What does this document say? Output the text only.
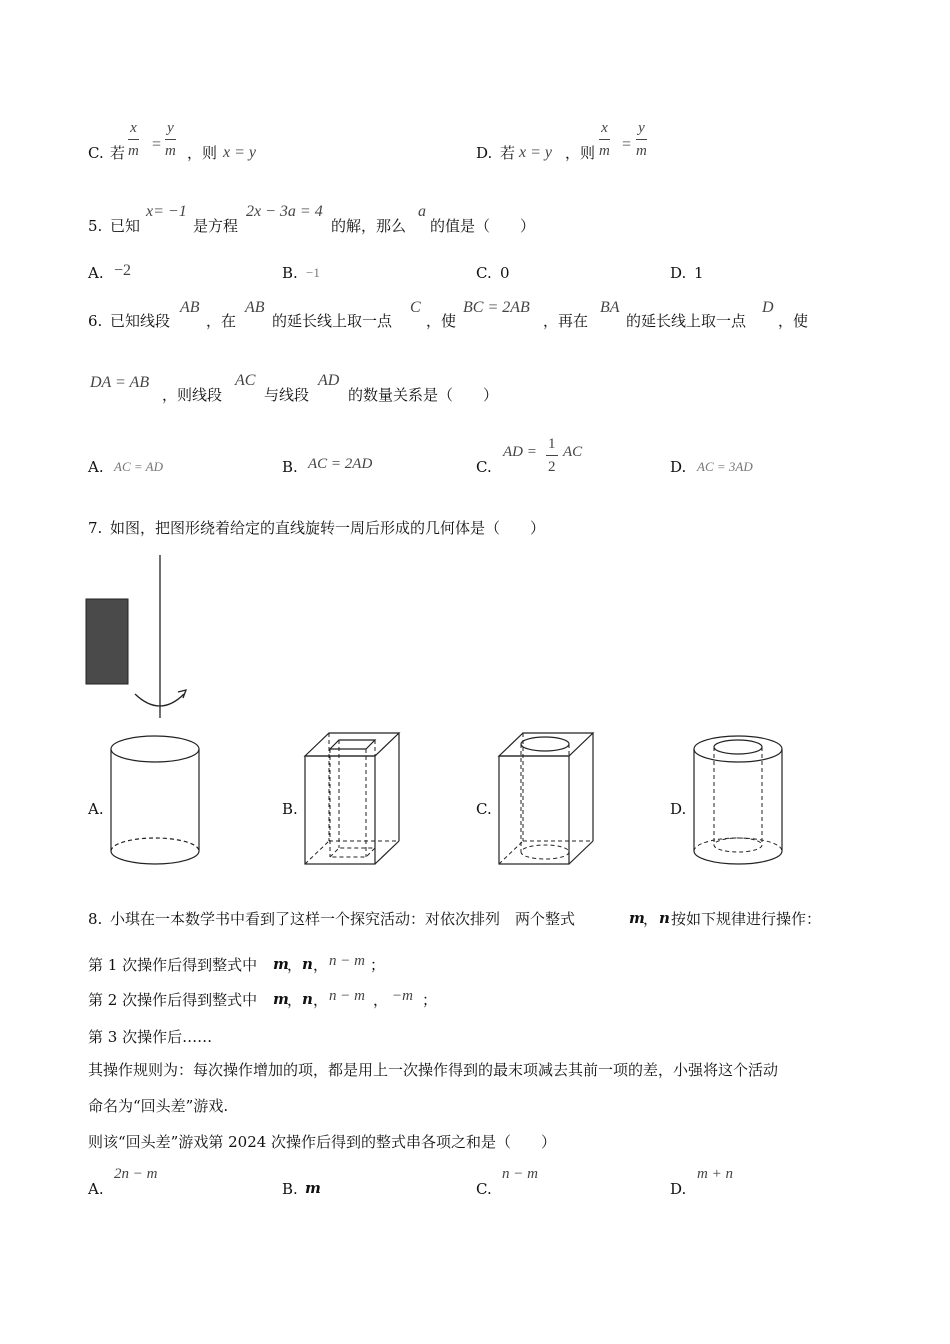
C. 若
x
m =
y
m ，则 x = y	D. 若 x = y ，则
x
m =
y
m
5. 已知
x= −1
是方程
2x − 3a = 4
的解，那么
a
的值是（　　）
A. −2	B. −1	C. 0	D. 1
6. 已知线段
AB
，在
AB
的延长线上取一点
C
，使
BC = 2AB
，再在
BA
的延长线上取一点
D
，使
DA = AB
，则线段
AC
与线段
AD
的数量关系是（　　）
A. AC = AD	B. AC = 2AD	C.
AD = 1
2
AC
D. AC = 3AD
7. 如图，把图形绕着给定的直线旋转一周后形成的几何体是（　　）
A.	B.	C.	D.
8. 小琪在一本数学书中看到了这样一个探究活动：对依次排列　两个整式	m
， n 按如下规律进行操作：
第 1 次操作后得到整式中 m
， n ， n − m ；
第 2 次操作后得到整式中 m
， n ， n − m ， −m ；
第 3 次操作后……
其操作规则为：每次操作增加的项，都是用上一次操作得到的最末项减去其前一项的差，小强将这个活动
命名为“回头差”游戏.
则该“回头差”游戏第 2024 次操作后得到的整式串各项之和是（　　）
A.
2n − m
B. m	C.
n − m
D.
m + n
